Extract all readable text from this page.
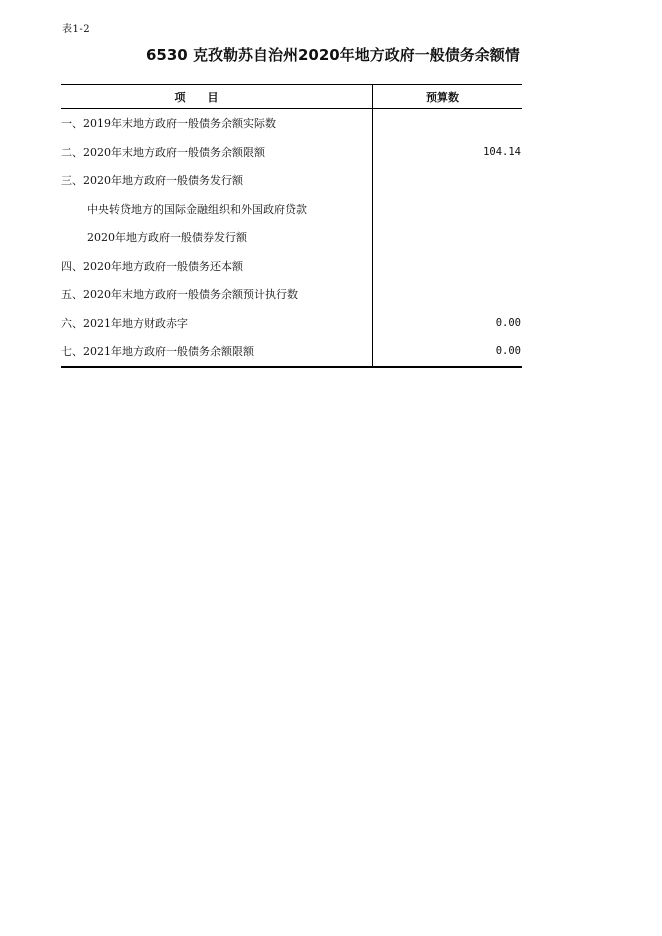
表1-2
6530 克孜勒苏自治州2020年地方政府一般债务余额情
项　　目	预算数
一、2019年末地方政府一般债务余额实际数
二、2020年末地方政府一般债务余额限额	104.14
三、2020年地方政府一般债务发行额
中央转贷地方的国际金融组织和外国政府贷款
2020年地方政府一般债券发行额
四、2020年地方政府一般债务还本额
五、2020年末地方政府一般债务余额预计执行数
六、2021年地方财政赤字	0.00
七、2021年地方政府一般债务余额限额	0.00
